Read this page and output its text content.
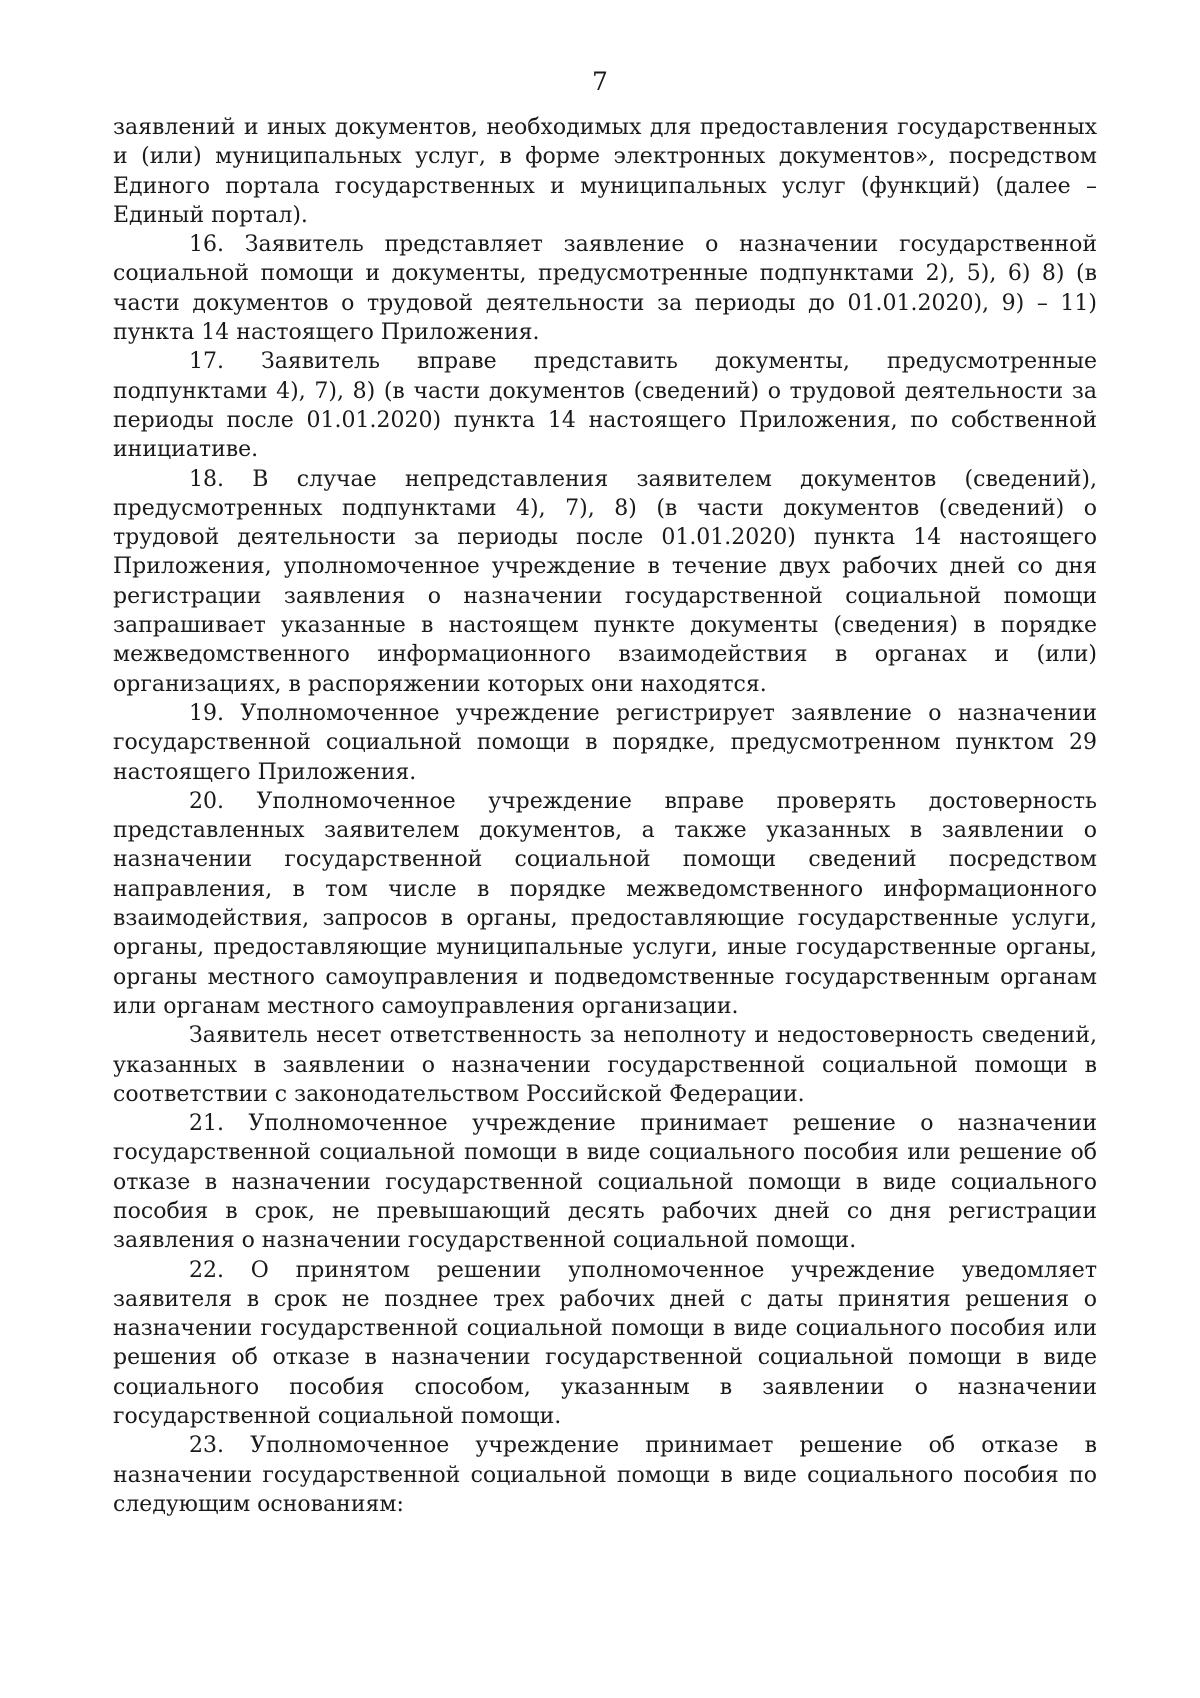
7

заявлений и иных документов, необходимых для предоставления государственных и (или) муниципальных услуг, в форме электронных документов», посредством Единого портала государственных и муниципальных услуг (функций) (далее – Единый портал).

16. Заявитель представляет заявление о назначении государственной социальной помощи и документы, предусмотренные подпунктами 2), 5), 6) 8) (в части документов о трудовой деятельности за периоды до 01.01.2020), 9) – 11) пункта 14 настоящего Приложения.

17. Заявитель вправе представить документы, предусмотренные подпунктами 4), 7), 8) (в части документов (сведений) о трудовой деятельности за периоды после 01.01.2020) пункта 14 настоящего Приложения, по собственной инициативе.

18. В случае непредставления заявителем документов (сведений), предусмотренных подпунктами 4), 7), 8) (в части документов (сведений) о трудовой деятельности за периоды после 01.01.2020) пункта 14 настоящего Приложения, уполномоченное учреждение в течение двух рабочих дней со дня регистрации заявления о назначении государственной социальной помощи запрашивает указанные в настоящем пункте документы (сведения) в порядке межведомственного информационного взаимодействия в органах и (или) организациях, в распоряжении которых они находятся.

19. Уполномоченное учреждение регистрирует заявление о назначении государственной социальной помощи в порядке, предусмотренном пунктом 29 настоящего Приложения.

20. Уполномоченное учреждение вправе проверять достоверность представленных заявителем документов, а также указанных в заявлении о назначении государственной социальной помощи сведений посредством направления, в том числе в порядке межведомственного информационного взаимодействия, запросов в органы, предоставляющие государственные услуги, органы, предоставляющие муниципальные услуги, иные государственные органы, органы местного самоуправления и подведомственные государственным органам или органам местного самоуправления организации.

Заявитель несет ответственность за неполноту и недостоверность сведений, указанных в заявлении о назначении государственной социальной помощи в соответствии с законодательством Российской Федерации.

21. Уполномоченное учреждение принимает решение о назначении государственной социальной помощи в виде социального пособия или решение об отказе в назначении государственной социальной помощи в виде социального пособия в срок, не превышающий десять рабочих дней со дня регистрации заявления о назначении государственной социальной помощи.

22. О принятом решении уполномоченное учреждение уведомляет заявителя в срок не позднее трех рабочих дней с даты принятия решения о назначении государственной социальной помощи в виде социального пособия или решения об отказе в назначении государственной социальной помощи в виде социального пособия способом, указанным в заявлении о назначении государственной социальной помощи.

23. Уполномоченное учреждение принимает решение об отказе в назначении государственной социальной помощи в виде социального пособия по следующим основаниям:
